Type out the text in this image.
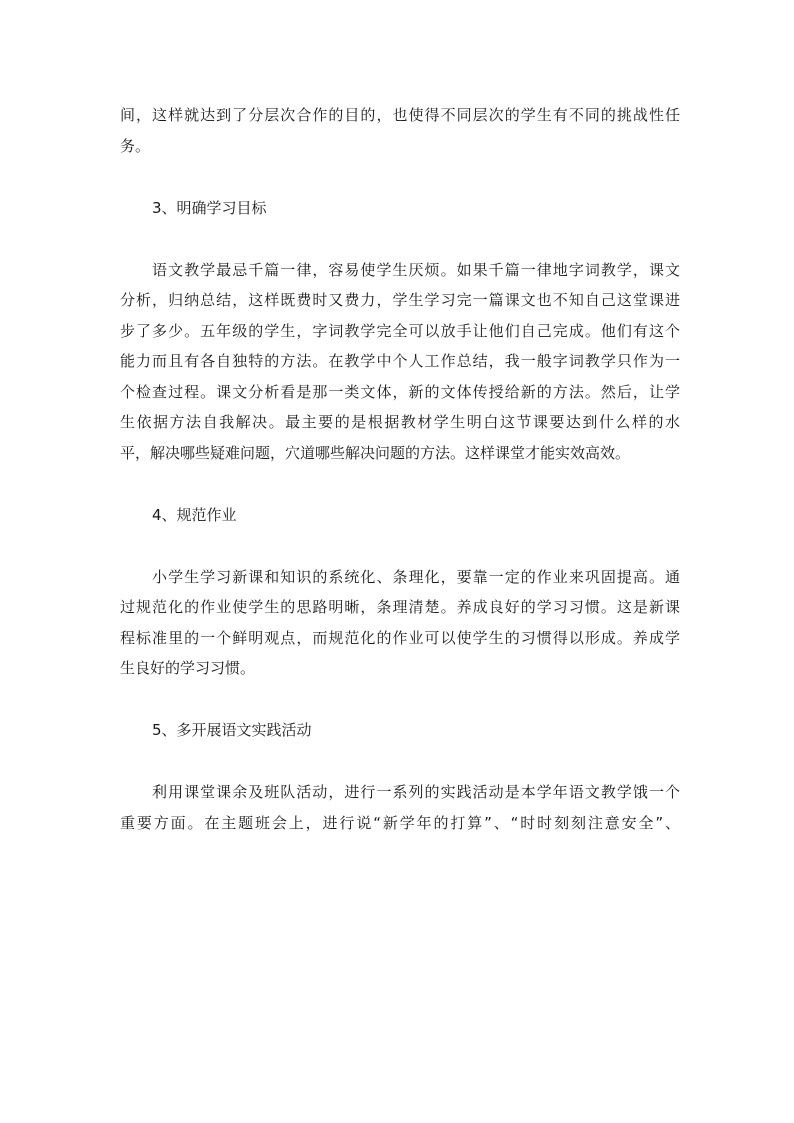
间，这样就达到了分层次合作的目的，也使得不同层次的学生有不同的挑战性任
务。

3、明确学习目标

　　语文教学最忌千篇一律，容易使学生厌烦。如果千篇一律地字词教学，课文
分析，归纳总结，这样既费时又费力，学生学习完一篇课文也不知自己这堂课进
步了多少。五年级的学生，字词教学完全可以放手让他们自己完成。他们有这个
能力而且有各自独特的方法。在教学中个人工作总结，我一般字词教学只作为一
个检查过程。课文分析看是那一类文体，新的文体传授给新的方法。然后，让学
生依据方法自我解决。最主要的是根据教材学生明白这节课要达到什么样的水
平，解决哪些疑难问题，穴道哪些解决问题的方法。这样课堂才能实效高效。

4、规范作业

　　小学生学习新课和知识的系统化、条理化，要靠一定的作业来巩固提高。通
过规范化的作业使学生的思路明晰，条理清楚。养成良好的学习习惯。这是新课
程标准里的一个鲜明观点，而规范化的作业可以使学生的习惯得以形成。养成学
生良好的学习习惯。

5、多开展语文实践活动

　　利用课堂课余及班队活动，进行一系列的实践活动是本学年语文教学饿一个
重要方面。在主题班会上，进行说“新学年的打算”、“时时刻刻注意安全”、
